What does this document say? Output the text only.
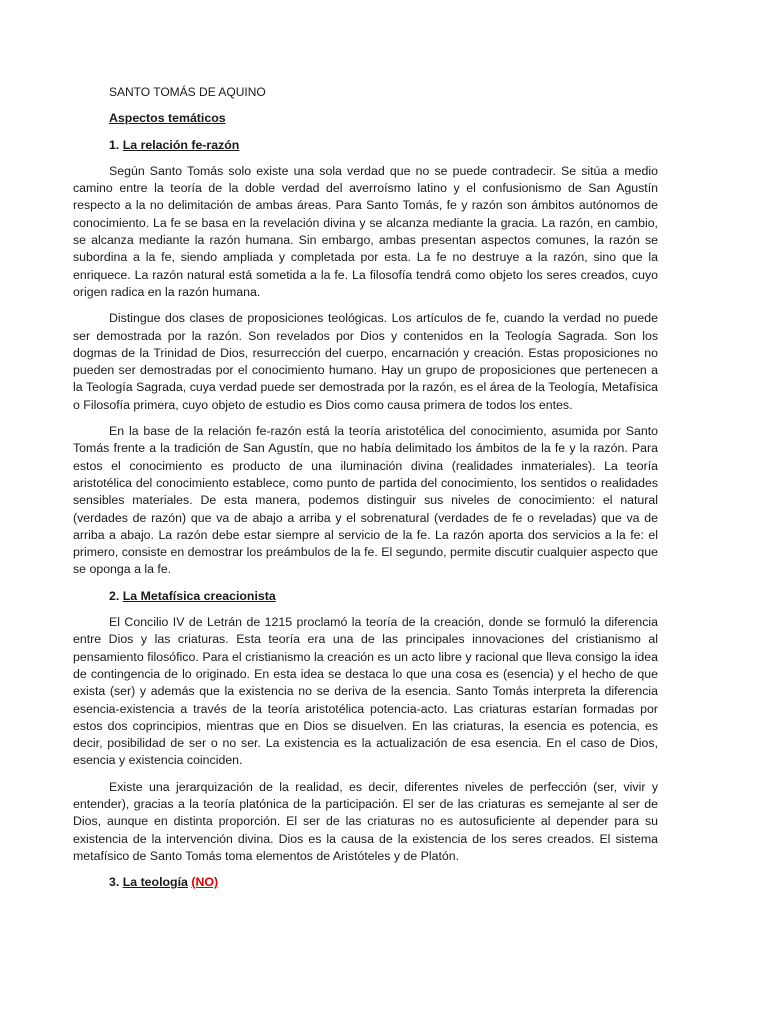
SANTO TOMÁS DE AQUINO
Aspectos temáticos
1. La relación fe-razón

Según Santo Tomás solo existe una sola verdad que no se puede contradecir. Se sitúa a medio camino entre la teoría de la doble verdad del averroísmo latino y el confusionismo de San Agustín respecto a la no delimitación de ambas áreas. Para Santo Tomás, fe y razón son ámbitos autónomos de conocimiento. La fe se basa en la revelación divina y se alcanza mediante la gracia. La razón, en cambio, se alcanza mediante la razón humana. Sin embargo, ambas presentan aspectos comunes, la razón se subordina a la fe, siendo ampliada y completada por esta. La fe no destruye a la razón, sino que la enriquece. La razón natural está sometida a la fe. La filosofía tendrá como objeto los seres creados, cuyo origen radica en la razón humana.

Distingue dos clases de proposiciones teológicas. Los artículos de fe, cuando la verdad no puede ser demostrada por la razón. Son revelados por Dios y contenidos en la Teología Sagrada. Son los dogmas de la Trinidad de Dios, resurrección del cuerpo, encarnación y creación. Estas proposiciones no pueden ser demostradas por el conocimiento humano. Hay un grupo de proposiciones que pertenecen a la Teología Sagrada, cuya verdad puede ser demostrada por la razón, es el área de la Teología, Metafísica o Filosofía primera, cuyo objeto de estudio es Dios como causa primera de todos los entes.

En la base de la relación fe-razón está la teoría aristotélica del conocimiento, asumida por Santo Tomás frente a la tradición de San Agustín, que no había delimitado los ámbitos de la fe y la razón. Para estos el conocimiento es producto de una iluminación divina (realidades inmateriales). La teoría aristotélica del conocimiento establece, como punto de partida del conocimiento, los sentidos o realidades sensibles materiales. De esta manera, podemos distinguir sus niveles de conocimiento: el natural (verdades de razón) que va de abajo a arriba y el sobrenatural (verdades de fe o reveladas) que va de arriba a abajo. La razón debe estar siempre al servicio de la fe. La razón aporta dos servicios a la fe: el primero, consiste en demostrar los preámbulos de la fe. El segundo, permite discutir cualquier aspecto que se oponga a la fe.

2. La Metafísica creacionista

El Concilio IV de Letrán de 1215 proclamó la teoría de la creación, donde se formuló la diferencia entre Dios y las criaturas. Esta teoría era una de las principales innovaciones del cristianismo al pensamiento filosófico. Para el cristianismo la creación es un acto libre y racional que lleva consigo la idea de contingencia de lo originado. En esta idea se destaca lo que una cosa es (esencia) y el hecho de que exista (ser) y además que la existencia no se deriva de la esencia. Santo Tomás interpreta la diferencia esencia-existencia a través de la teoría aristotélica potencia-acto. Las criaturas estarían formadas por estos dos coprincipios, mientras que en Dios se disuelven. En las criaturas, la esencia es potencia, es decir, posibilidad de ser o no ser. La existencia es la actualización de esa esencia. En el caso de Dios, esencia y existencia coinciden.

Existe una jerarquización de la realidad, es decir, diferentes niveles de perfección (ser, vivir y entender), gracias a la teoría platónica de la participación. El ser de las criaturas es semejante al ser de Dios, aunque en distinta proporción. El ser de las criaturas no es autosuficiente al depender para su existencia de la intervención divina. Dios es la causa de la existencia de los seres creados. El sistema metafísico de Santo Tomás toma elementos de Aristóteles y de Platón.

3. La teología (NO)
